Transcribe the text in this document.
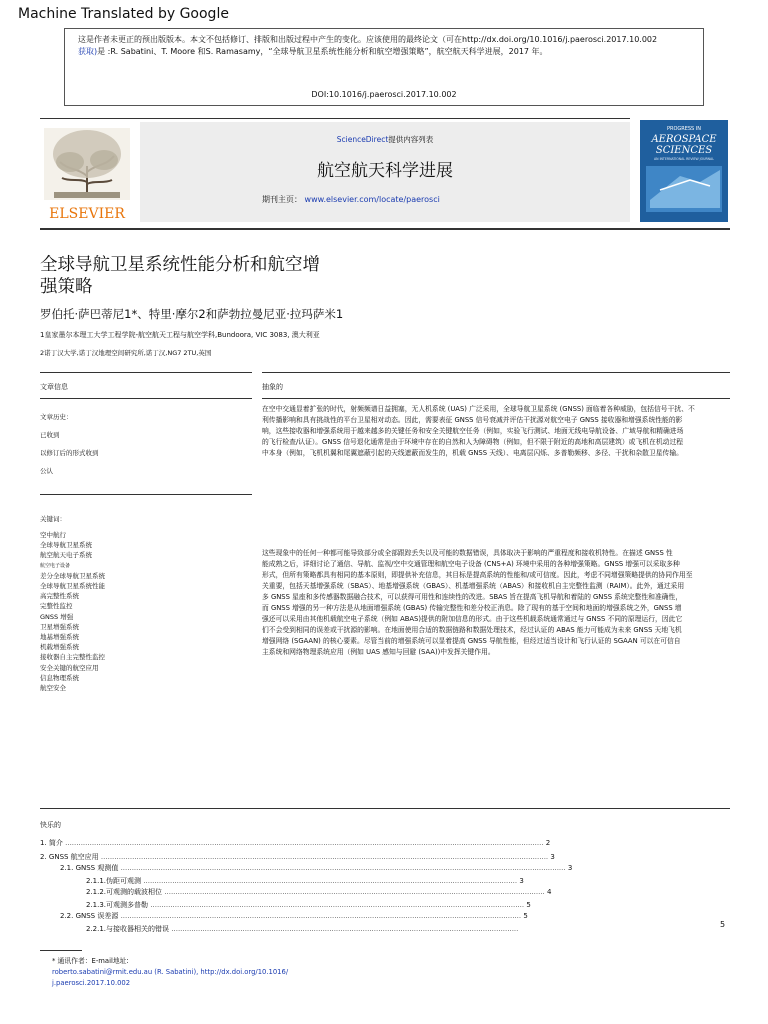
Machine Translated by Google
这是作者未更正的预出版版本。本文不包括修订、排版和出版过程中产生的变化。应该使用的最终论文（可在http://dx.doi.org/10.1016/j.paerosci.2017.10.002
获取)是 :R. Sabatini、T. Moore 和S. Ramasamy，“全球导航卫星系统性能分析和航空增强策略”，航空航天科学进展，2017 年。
DOI:10.1016/j.paerosci.2017.10.002
ELSEVIER
ScienceDirect提供内容列表
航空航天科学进展
期刊主页： www.elsevier.com/locate/paerosci
PROGRESS IN
AEROSPACE
SCIENCES
AN INTERNATIONAL REVIEW JOURNAL
全球导航卫星系统性能分析和航空增
强策略
罗伯托·萨巴蒂尼1*、特里·摩尔2和萨勃拉曼尼亚·拉玛萨米1
1皇家墨尔本理工大学工程学院-航空航天工程与航空学科,Bundoora, VIC 3083, 澳大利亚
2诺丁汉大学,诺丁汉地理空间研究所,诺丁汉,NG7 2TU,英国
文章信息	抽象的
文章历史：
已收到
以修订后的形式收到
公认
关键词：
空中航行
全球导航卫星系统
航空航天电子系统
航空电子设备
差分全球导航卫星系统
全球导航卫星系统性能
高完整性系统
完整性监控
GNSS 增强
卫星增强系统
地基增强系统
机载增强系统
接收器自主完整性监控
安全关键的航空应用
信息物理系统
航空安全
在空中交通显着扩张的时代，射频频谱日益拥塞，无人机系统 (UAS) 广泛采用，全球导航卫星系统 (GNSS) 面临着各种威胁，包括信号干扰、不
利传播影响和具有挑战性的平台卫星相对动态。因此，需要表征 GNSS 信号衰减并评估干扰源对航空电子 GNSS 接收器和增强系统性能的影
响，这些接收器和增强系统用于越来越多的关键任务和安全关键航空任务（例如，实验飞行测试、地面无线电导航设备、广域导航和精确进场
的飞行检查/认证）。GNSS 信号退化通常是由于环境中存在的自然和人为障碍物（例如，但不限于附近的高地和高层建筑）或飞机在机动过程
中本身（例如，飞机机翼和尾翼遮蔽引起的天线遮蔽而发生的，机载 GNSS 天线）、电离层闪烁、多普勒频移、多径、干扰和杂散卫星传输。
这些现象中的任何一种都可能导致部分或全部跟踪丢失以及可能的数据错误，具体取决于影响的严重程度和接收机特性。在描述 GNSS 性
能成熟之后，详细讨论了通信、导航、监视/空中交通管理和航空电子设备 (CNS+A) 环境中采用的各种增强策略。GNSS 增强可以采取多种
形式，但所有策略都具有相同的基本原则，即提供补充信息，其目标是提高系统的性能和/或可信度。因此，考虑不同增强策略提供的协同作用至
关重要，包括天基增强系统（SBAS）、地基增强系统（GBAS）、机基增强系统（ABAS）和接收机自主完整性监测（RAIM）。此外，通过采用
多 GNSS 星座和多传感器数据融合技术，可以获得可用性和连续性的改进。SBAS 旨在提高飞机导航和着陆的 GNSS 系统完整性和准确性，
而 GNSS 增强的另一种方法是从地面增强系统 (GBAS) 传输完整性和差分校正消息。除了现有的基于空间和地面的增强系统之外，GNSS 增
强还可以采用由其他机载航空电子系统（例如 ABAS)提供的附加信息的形式。由于这些机载系统通常通过与 GNSS 不同的原理运行，因此它
们不会受到相同的误差或干扰源的影响。在地面使用合适的数据链路和数据处理技术，经过认证的 ABAS 能力可能成为未来 GNSS 天地飞机
增强网络 (SGAAN) 的核心要素。尽管当前的增强系统可以显着提高 GNSS 导航性能，但经过适当设计和飞行认证的 SGAAN 可以在可信自
主系统和网络物理系统应用（例如 UAS 感知与回避 (SAA))中发挥关键作用。
快乐的
1. 简介 ....................................................................................................................................................................................................................... 2
2. GNSS 航空应用 ......................................................................................................................................................................................................... 3
2.1. GNSS 观测值 ........................................................................................................................................................................................................ 3
2.1.1.伪距可观测 ........................................................................................................................................................................ 3
2.1.2.可观测的载波相位 ........................................................................................................................................................................... 4
2.1.3.可观测多普勒 ........................................................................................................................................................................ 5
2.2. GNSS 误差源 .................................................................................................................................................................................... 5
2.2.1.与接收器相关的错误 ............................................................................................................................................................	5
* 通讯作者：E-mail地址:
roberto.sabatini@rmit.edu.au (R. Sabatini), http://dx.doi.org/10.1016/
j.paerosci.2017.10.002
